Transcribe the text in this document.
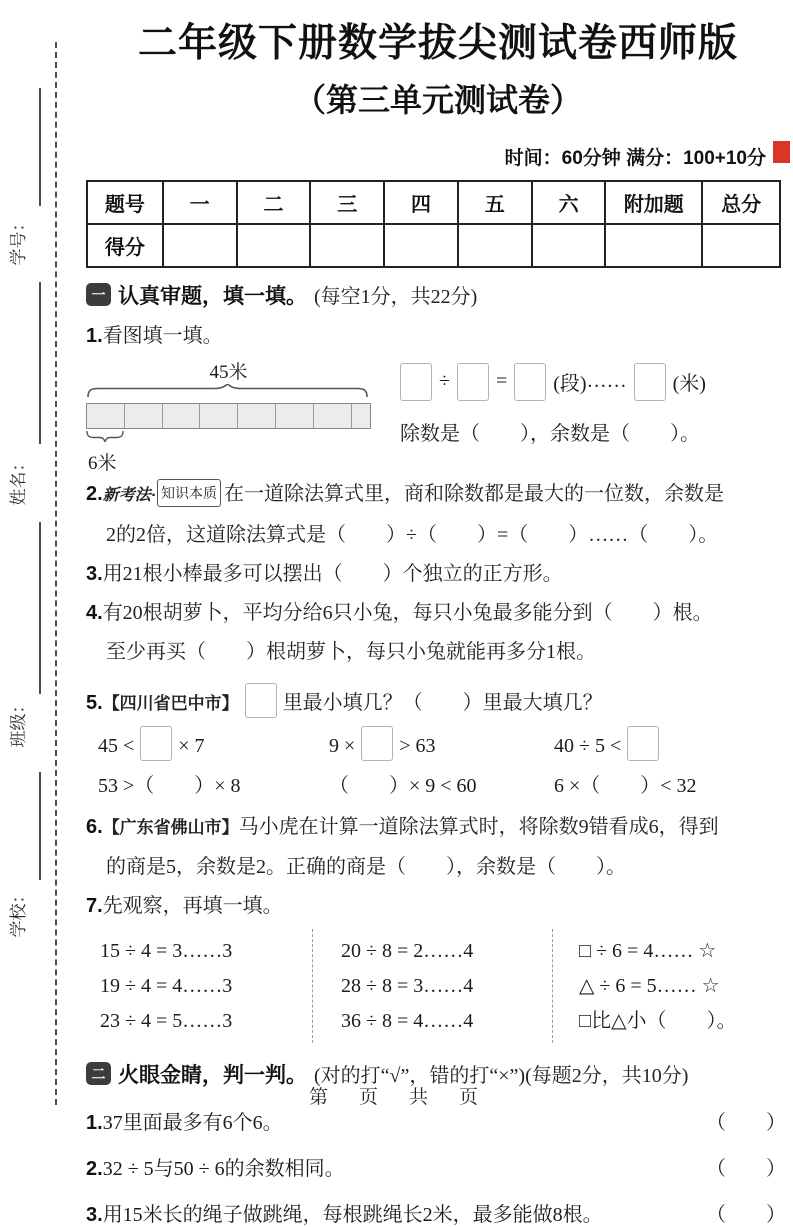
学号：
姓名：
班级：
学校：
二年级下册数学拔尖测试卷西师版
（第三单元测试卷）
时间：60分钟 满分：100+10分
题号	一	二	三	四	五	六	附加题	总分
得分								
一 认真审题，填一填。 (每空1分，共22分)
1.看图填一填。
45米
6米
÷ = (段) …… (米)
除数是（　　），余数是（　　）。
2.新考法· 知识本质 在一道除法算式里，商和除数都是最大的一位数，余数是
2的2倍，这道除法算式是（　　）÷（　　）=（　　）……（　　）。
3.用21根小棒最多可以摆出（　　）个独立的正方形。
4.有20根胡萝卜，平均分给6只小兔，每只小兔最多能分到（　　）根。
至少再买（　　）根胡萝卜，每只小兔就能再多分1根。
5.【四川省巴中市】 里最小填几？（　　）里最大填几？
45 < × 7	9 × > 63	40 ÷ 5 <
53 >（　　）× 8	（　　）× 9 < 60	6 ×（　　）< 32
6.【广东省佛山市】马小虎在计算一道除法算式时，将除数9错看成6，得到
的商是5，余数是2。正确的商是（　　），余数是（　　）。
7.先观察，再填一填。
15 ÷ 4 = 3……3
19 ÷ 4 = 4……3
23 ÷ 4 = 5……3
20 ÷ 8 = 2……4
28 ÷ 8 = 3……4
36 ÷ 8 = 4……4
□ ÷ 6 = 4…… ☆
△ ÷ 6 = 5…… ☆
□比△小（　　）。
二 火眼金睛，判一判。 (对的打“√”，错的打“×”)(每题2分，共10分)
1.37里面最多有6个6。	（　　）
2.32 ÷ 5与50 ÷ 6的余数相同。	（　　）
3.用15米长的绳子做跳绳，每根跳绳长2米，最多能做8根。	（　　）
第　页　共　页
